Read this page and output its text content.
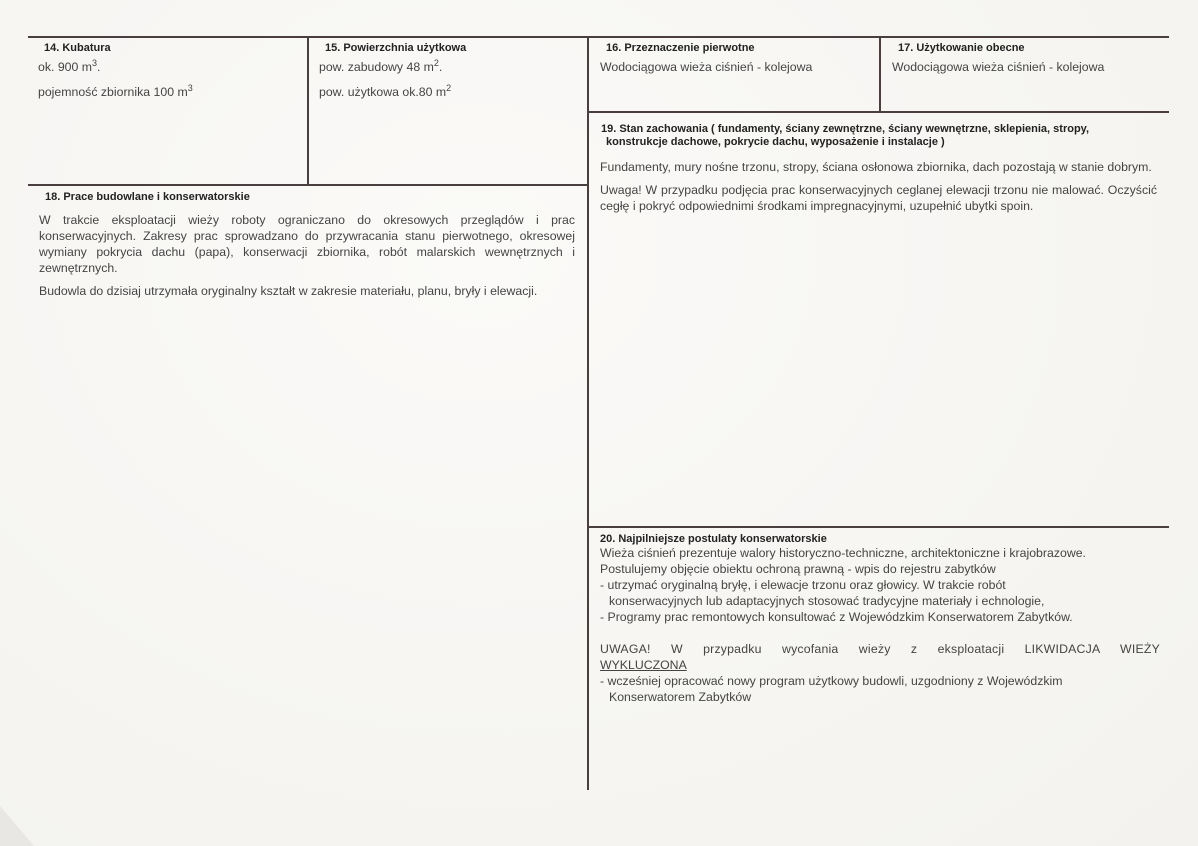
14. Kubatura
ok. 900 $m^3$.
pojemność zbiornika 100 $m^3$
15. Powierzchnia użytkowa
pow. zabudowy 48 $m^2$.
pow. użytkowa ok.80 $m^2$
16. Przeznaczenie pierwotne
Wodociągowa wieża ciśnień - kolejowa
17. Użytkowanie obecne
Wodociągowa wieża ciśnień - kolejowa
18. Prace budowlane i konserwatorskie
W trakcie eksploatacji wieży roboty ograniczano do okresowych przeglądów i prac konserwacyjnych. Zakresy prac sprowadzano do przywracania stanu pierwotnego, okresowej wymiany pokrycia dachu (papa), konserwacji zbiornika, robót malarskich wewnętrznych i zewnętrznych.
Budowla do dzisiaj utrzymała oryginalny kształt w zakresie materiału, planu, bryły i elewacji.
19. Stan zachowania ( fundamenty, ściany zewnętrzne, ściany wewnętrzne, sklepienia, stropy,
konstrukcje dachowe, pokrycie dachu, wyposażenie i instalacje )
Fundamenty, mury nośne trzonu, stropy, ściana osłonowa zbiornika, dach pozostają w stanie dobrym.
Uwaga! W przypadku podjęcia prac konserwacyjnych ceglanej elewacji trzonu nie malować. Oczyścić cegłę i pokryć odpowiednimi środkami impregnacyjnymi, uzupełnić ubytki spoin.
20. Najpilniejsze postulaty konserwatorskie
Wieża ciśnień prezentuje walory historyczno-techniczne, architektoniczne i krajobrazowe.
Postulujemy objęcie obiektu ochroną prawną - wpis do rejestru zabytków
- utrzymać oryginalną bryłę, i elewacje trzonu oraz głowicy. W trakcie robót
konserwacyjnych lub adaptacyjnych stosować tradycyjne materiały i echnologie,
- Programy prac remontowych konsultować z Wojewódzkim Konserwatorem Zabytków.
UWAGA! W przypadku wycofania wieży z eksploatacji LIKWIDACJA WIEŻY
WYKLUCZONA
- wcześniej opracować nowy program użytkowy budowli, uzgodniony z Wojewódzkim
Konserwatorem Zabytków
